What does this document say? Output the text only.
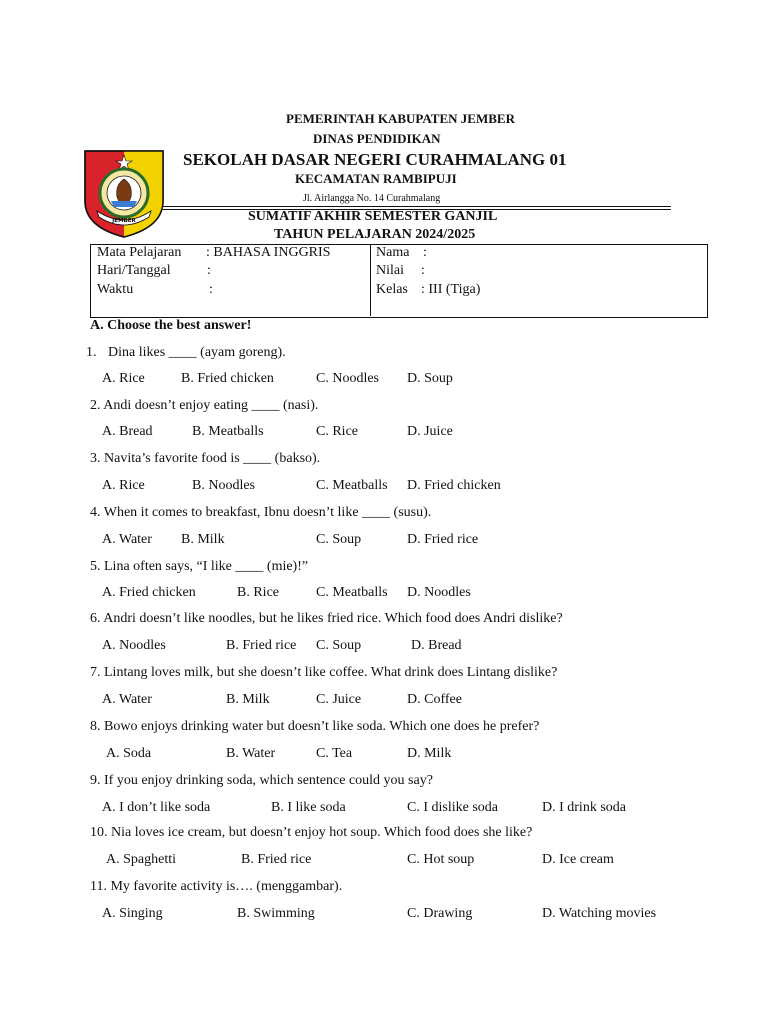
JEMBER
PEMERINTAH KABUPATEN JEMBER
DINAS PENDIDIKAN
SEKOLAH DASAR NEGERI CURAHMALANG 01
KECAMATAN RAMBIPUJI
Jl. Airlangga No. 14 Curahmalang
SUMATIF AKHIR SEMESTER GANJIL
TAHUN PELAJARAN 2024/2025
Mata Pelajaran : BAHASA INGGRIS
Hari/Tanggal	:
Waktu	:
Nama :
Nilai :
Kelas : III (Tiga)
A. Choose the best answer!
1. Dina likes ____ (ayam goreng).
A. Rice	B. Fried chicken	C. Noodles D. Soup
2. Andi doesn’t enjoy eating ____ (nasi).
A. Bread	B. Meatballs	C. Rice	D. Juice
3. Navita’s favorite food is ____ (bakso).
A. Rice	B. Noodles	C. Meatballs D. Fried chicken
4. When it comes to breakfast, Ibnu doesn’t like ____ (susu).
A. Water B. Milk	C. Soup	D. Fried rice
5. Lina often says, “I like ____ (mie)!”
A. Fried chicken	B. Rice	C. Meatballs D. Noodles
6. Andri doesn’t like noodles, but he likes fried rice. Which food does Andri dislike?
A. Noodles	B. Fried rice C. Soup	D. Bread
7. Lintang loves milk, but she doesn’t like coffee. What drink does Lintang dislike?
A. Water	B. Milk	C. Juice	D. Coffee
8. Bowo enjoys drinking water but doesn’t like soda. Which one does he prefer?
A. Soda	B. Water	C. Tea	D. Milk
9. If you enjoy drinking soda, which sentence could you say?
A. I don’t like soda	B. I like soda	C. I dislike soda	D. I drink soda
10. Nia loves ice cream, but doesn’t enjoy hot soup. Which food does she like?
A. Spaghetti	B. Fried rice	C. Hot soup	D. Ice cream
11. My favorite activity is…. (menggambar).
A. Singing	B. Swimming	C. Drawing	D. Watching movies
